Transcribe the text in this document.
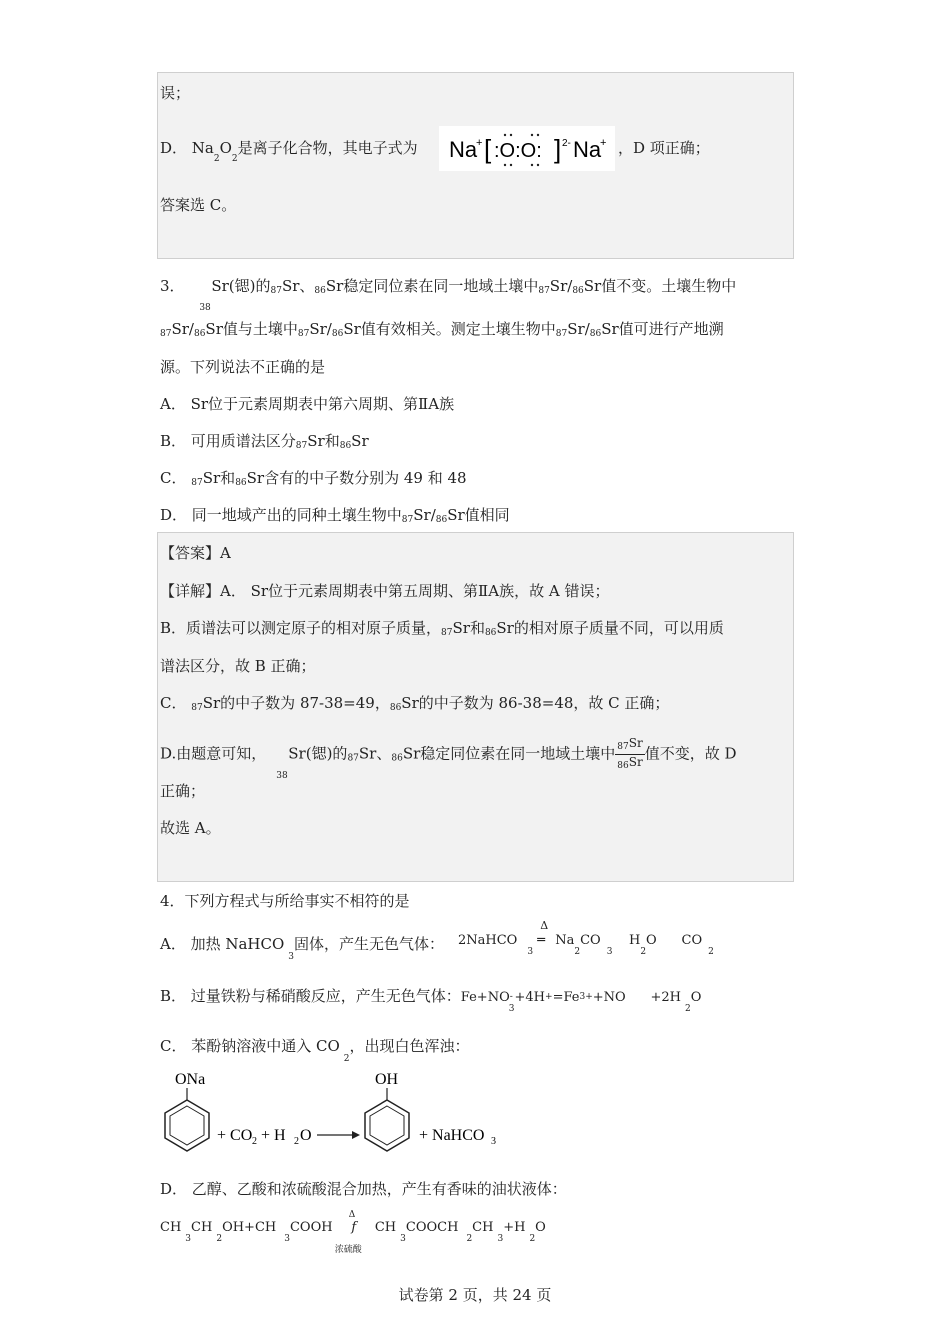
误；
D． $Na_2O_2$是离子化合物，其电子式为 Na
+ [ :O:O: ] 2- Na
+ ，D 项正确；
答案选 C。
3．
38
Sr(锶)的87Sr、86Sr稳定同位素在同一地域土壤中87Sr/86Sr值不变。土壤生物中
87Sr/86Sr值与土壤中87Sr/86Sr值有效相关。测定土壤生物中87Sr/86Sr值可进行产地溯
源。下列说法不正确的是
A． Sr位于元素周期表中第六周期、第ⅡA族
B． 可用质谱法区分87Sr和86Sr
C． 87Sr和86Sr含有的中子数分别为 49 和 48
D． 同一地域产出的同种土壤生物中87Sr/86Sr值相同
【答案】A
【详解】A． Sr位于元素周期表中第五周期、第ⅡA族，故 A 错误；
B．质谱法可以测定原子的相对原子质量，87Sr和86Sr的相对原子质量不同，可以用质
谱法区分，故 B 正确；
C． 87Sr的中子数为 87-38=49，86Sr的中子数为 86-38=48，故 C 正确；
D.由题意可知，
38
Sr(锶)的87Sr、86Sr稳定同位素在同一地域土壤中 $\frac{87Sr}{86Sr}$ 值不变，故 D
正确；
故选 A。
4．下列方程式与所给事实不相符的是
A． 加热 NaHCO$_3$固体，产生无色气体： 2NaHCO$_3$
Δ
═ $Na_2CO_3$    $H_2O$ $CO_2$
B． 过量铁粉与稀硝酸反应，产生无色气体：$Fe+NO^-_3+4H^+=Fe^{3+}+NO +2H_2O$
C． 苯酚钠溶液中通入 $CO_2$，出现白色浑浊：
ONa
+ CO 2 + H 2 O
OH
+ NaHCO 3
D． 乙醇、乙酸和浓硫酸混合加热，产生有香味的油状液体：
$CH_3CH_2OH+CH_3COOH$
Δ
f
浓硫酸
$CH_3COOCH_2CH_3+H_2O$
试卷第 2 页，共 24 页
